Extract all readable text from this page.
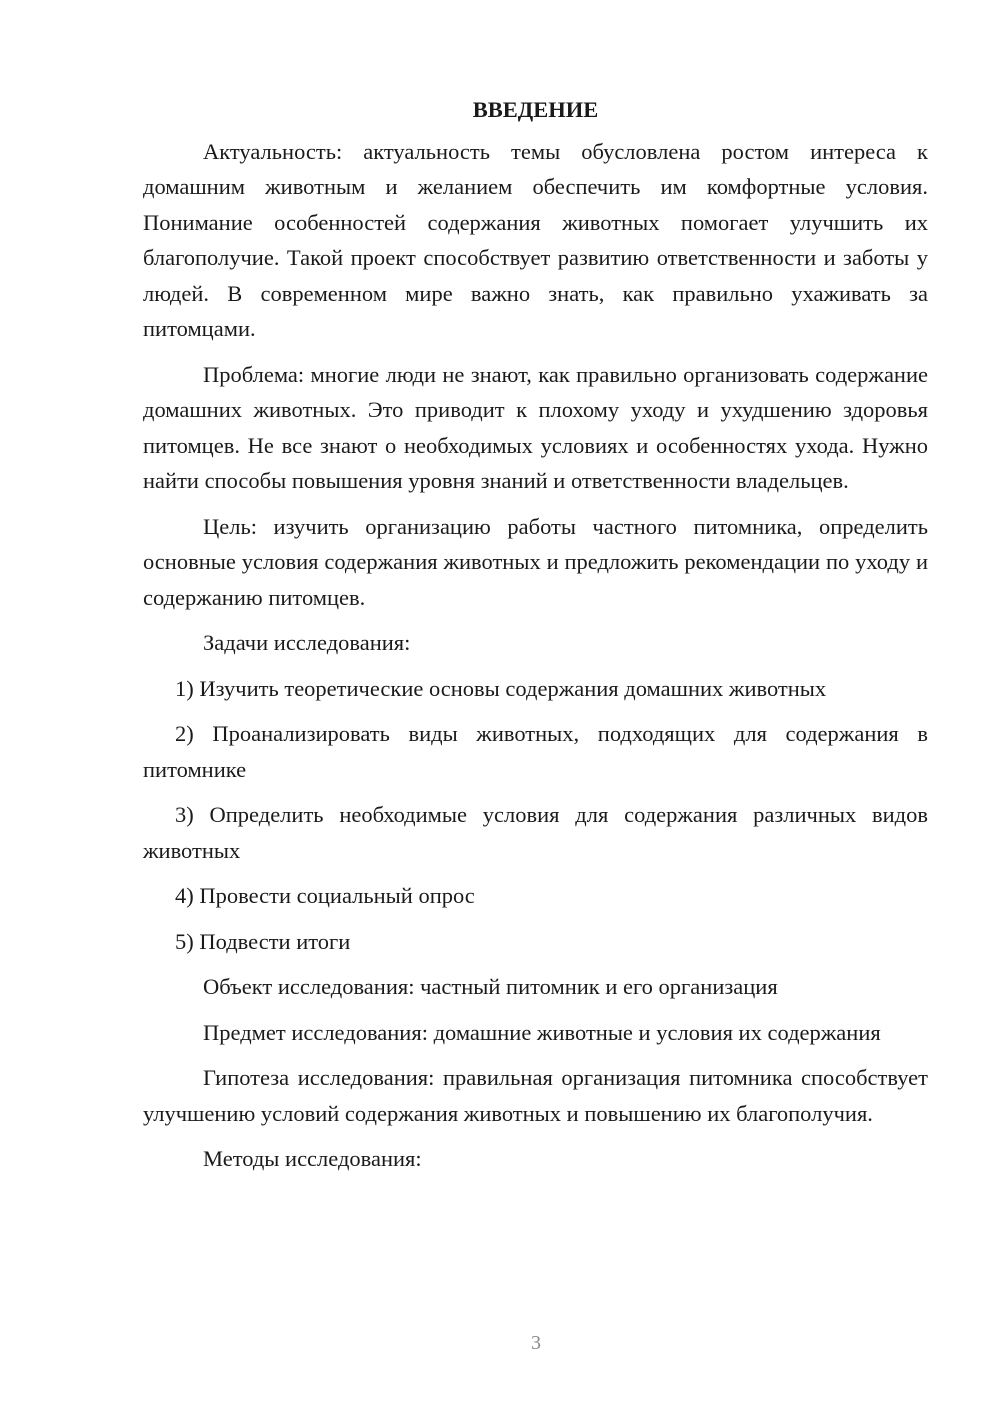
ВВЕДЕНИЕ

Актуальность: актуальность темы обусловлена ростом интереса к домашним животным и желанием обеспечить им комфортные условия. Понимание особенностей содержания животных помогает улучшить их благополучие. Такой проект способствует развитию ответственности и заботы у людей. В современном мире важно знать, как правильно ухаживать за питомцами.

Проблема: многие люди не знают, как правильно организовать содержание домашних животных. Это приводит к плохому уходу и ухудшению здоровья питомцев. Не все знают о необходимых условиях и особенностях ухода. Нужно найти способы повышения уровня знаний и ответственности владельцев.

Цель: изучить организацию работы частного питомника, определить основные условия содержания животных и предложить рекомендации по уходу и содержанию питомцев.

Задачи исследования:

1) Изучить теоретические основы содержания домашних животных

2) Проанализировать виды животных, подходящих для содержания в питомнике

3) Определить необходимые условия для содержания различных видов животных

4) Провести социальный опрос

5) Подвести итоги

Объект исследования: частный питомник и его организация

Предмет исследования: домашние животные и условия их содержания

Гипотеза исследования: правильная организация питомника способствует улучшению условий содержания животных и повышению их благополучия.

Методы исследования:

3
